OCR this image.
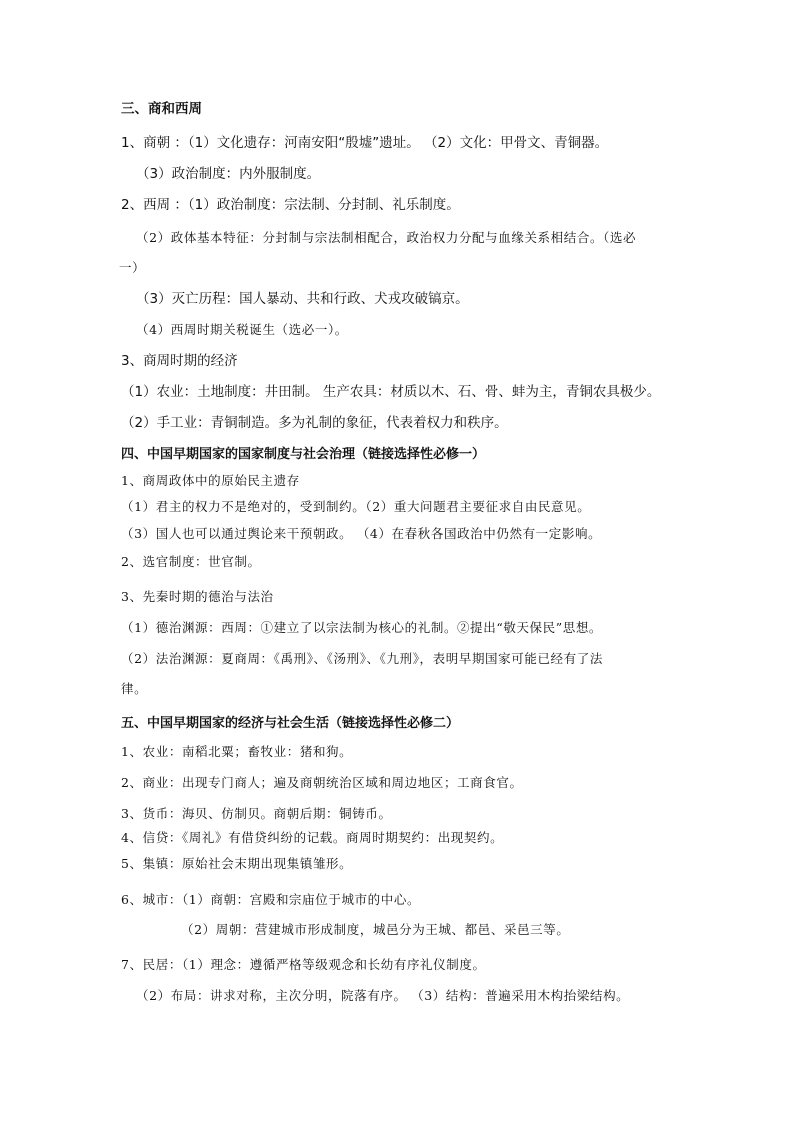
三、商和西周
1、商朝 ：（1）文化遗存：河南安阳“殷墟”遗址。 （2）文化：甲骨文、青铜器。
（3）政治制度：内外服制度。
2、西周 ：（1）政治制度：宗法制、分封制、礼乐制度。
（2）政体基本特征：分封制与宗法制相配合，政治权力分配与血缘关系相结合。（选必
一）
（3）灭亡历程：国人暴动、共和行政、犬戎攻破镐京。
（4）西周时期关税诞生（选必一）。
3、商周时期的经济
（1）农业：土地制度：井田制。 生产农具：材质以木、石、骨、蚌为主，青铜农具极少。
（2）手工业：青铜制造。多为礼制的象征，代表着权力和秩序。
四、中国早期国家的国家制度与社会治理（链接选择性必修一）
1、商周政体中的原始民主遗存
（1）君主的权力不是绝对的，受到制约。（2）重大问题君主要征求自由民意见。
（3）国人也可以通过舆论来干预朝政。 （4）在春秋各国政治中仍然有一定影响。
2、选官制度：世官制。
3、先秦时期的德治与法治
（1）德治渊源：西周：①建立了以宗法制为核心的礼制。②提出“敬天保民”思想。
（2）法治渊源：夏商周：《禹刑》、《汤刑》、《九刑》，表明早期国家可能已经有了法
律。
五、中国早期国家的经济与社会生活（链接选择性必修二）
1、农业：南稻北粟；畜牧业：猪和狗。
2、商业：出现专门商人；遍及商朝统治区域和周边地区；工商食官。
3、货币：海贝、仿制贝。商朝后期：铜铸币。
4、信贷：《周礼》有借贷纠纷的记载。商周时期契约：出现契约。
5、集镇：原始社会末期出现集镇雏形。
6、城市：（1）商朝：宫殿和宗庙位于城市的中心。
（2）周朝：营建城市形成制度，城邑分为王城、都邑、采邑三等。
7、民居：（1）理念：遵循严格等级观念和长幼有序礼仪制度。
（2）布局：讲求对称，主次分明，院落有序。 （3）结构：普遍采用木构抬梁结构。
